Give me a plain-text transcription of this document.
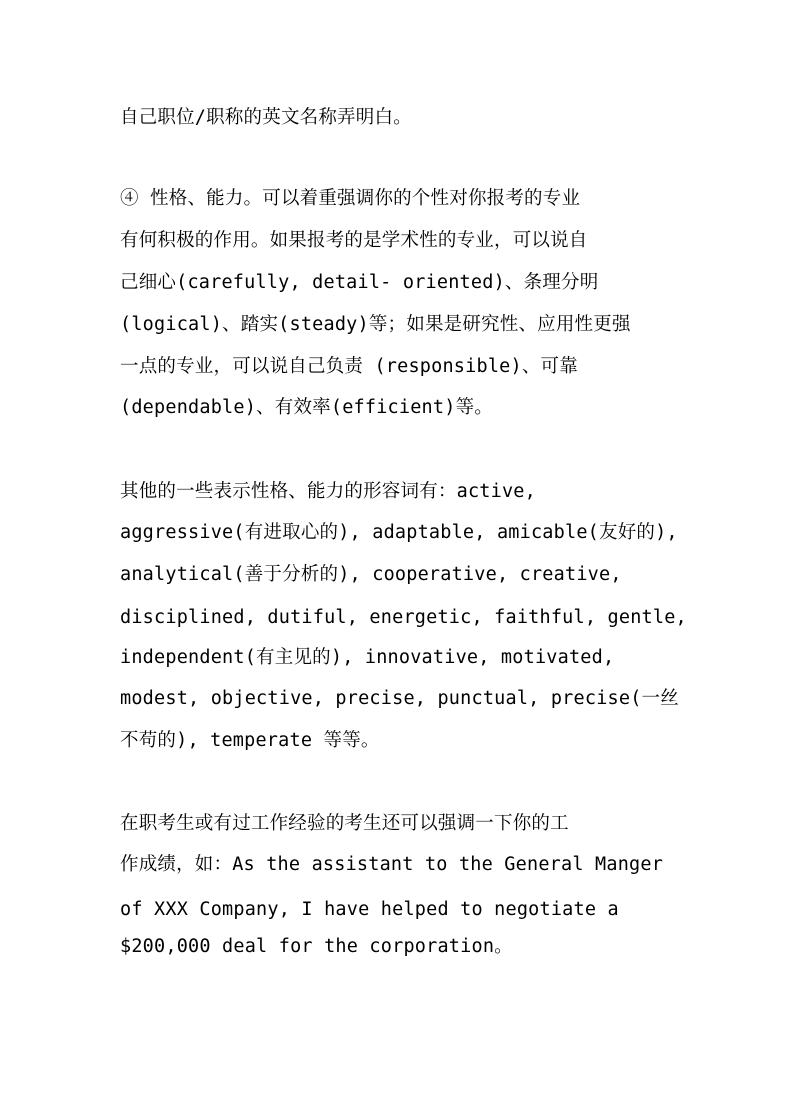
自己职位/职称的英文名称弄明白。
④ 性格、能力。可以着重强调你的个性对你报考的专业
有何积极的作用。如果报考的是学术性的专业，可以说自
己细心(carefully, detail- oriented)、条理分明
(logical)、踏实(steady)等；如果是研究性、应用性更强
一点的专业，可以说自己负责 (responsible)、可靠
(dependable)、有效率(efficient)等。
其他的一些表示性格、能力的形容词有：active,
aggressive(有进取心的), adaptable, amicable(友好的),
analytical(善于分析的), cooperative, creative,
disciplined, dutiful, energetic, faithful, gentle,
independent(有主见的), innovative, motivated,
modest, objective, precise, punctual, precise(一丝
不苟的), temperate 等等。
在职考生或有过工作经验的考生还可以强调一下你的工
作成绩，如：As the assistant to the General Manger
of XXX Company, I have helped to negotiate a
$200,000 deal for the corporation。
